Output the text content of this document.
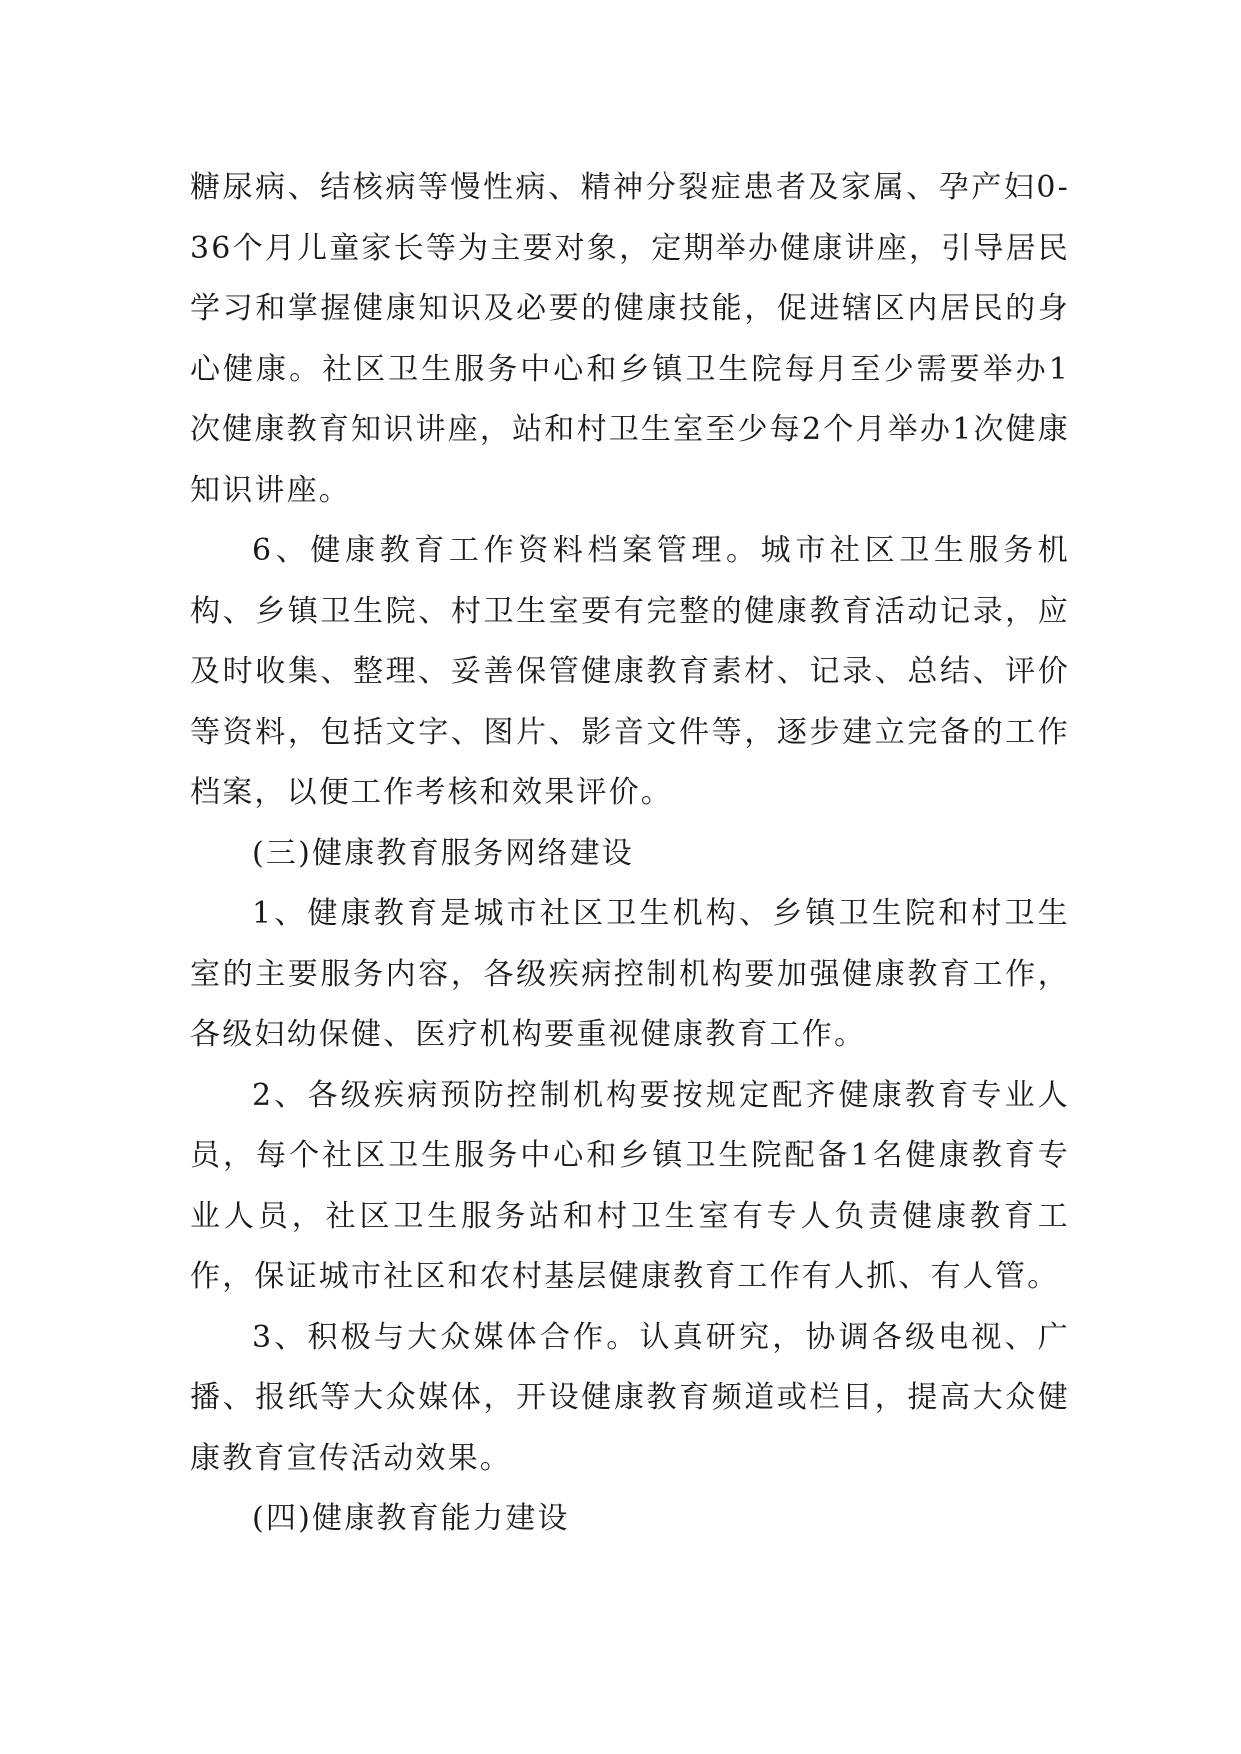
糖尿病、结核病等慢性病、精神分裂症患者及家属、孕产妇0-36个月儿童家长等为主要对象，定期举办健康讲座，引导居民学习和掌握健康知识及必要的健康技能，促进辖区内居民的身心健康。社区卫生服务中心和乡镇卫生院每月至少需要举办1次健康教育知识讲座，站和村卫生室至少每2个月举办1次健康知识讲座。

6、健康教育工作资料档案管理。城市社区卫生服务机构、乡镇卫生院、村卫生室要有完整的健康教育活动记录，应及时收集、整理、妥善保管健康教育素材、记录、总结、评价等资料，包括文字、图片、影音文件等，逐步建立完备的工作档案，以便工作考核和效果评价。

(三)健康教育服务网络建设

1、健康教育是城市社区卫生机构、乡镇卫生院和村卫生室的主要服务内容，各级疾病控制机构要加强健康教育工作，各级妇幼保健、医疗机构要重视健康教育工作。

2、各级疾病预防控制机构要按规定配齐健康教育专业人员，每个社区卫生服务中心和乡镇卫生院配备1名健康教育专业人员，社区卫生服务站和村卫生室有专人负责健康教育工作，保证城市社区和农村基层健康教育工作有人抓、有人管。

3、积极与大众媒体合作。认真研究，协调各级电视、广播、报纸等大众媒体，开设健康教育频道或栏目，提高大众健康教育宣传活动效果。

(四)健康教育能力建设
